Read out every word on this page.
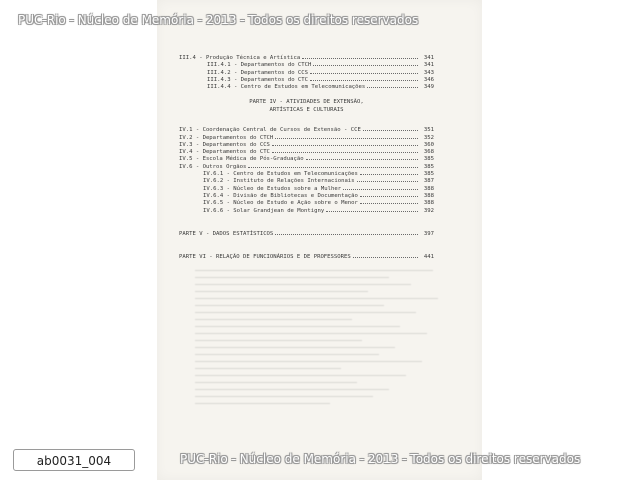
III.4 - Produção Técnica e Artística	341
III.4.1 - Departamentos do CTCH	341
III.4.2 - Departamentos do CCS	343
III.4.3 - Departamentos do CTC	346
III.4.4 - Centro de Estudos em Telecomunicações	349

PARTE IV - ATIVIDADES DE EXTENSÃO,

ARTÍSTICAS E CULTURAIS

IV.1 - Coordenação Central de Cursos de Extensão - CCE	351
IV.2 - Departamentos do CTCH	352
IV.3 - Departamentos do CCS	360
IV.4 - Departamentos do CTC	368
IV.5 - Escola Médica de Pós-Graduação	385
IV.6 - Outros Orgãos	385
IV.6.1 - Centro de Estudos em Telecomunicações	385
IV.6.2 - Instituto de Relações Internacionais	387
IV.6.3 - Núcleo de Estudos sobre a Mulher	388
IV.6.4 - Divisão de Bibliotecas e Documentação	388
IV.6.5 - Núcleo de Estudo e Ação sobre o Menor	388
IV.6.6 - Solar Grandjean de Montigny	392
PARTE V - DADOS ESTATÍSTICOS	397
PARTE VI - RELAÇÃO DE FUNCIONÁRIOS E DE PROFESSORES	441
PUC-Rio - Núcleo de Memória - 2013 - Todos os direitos reservados
PUC-Rio - Núcleo de Memória - 2013 - Todos os direitos reservados
ab0031_004
